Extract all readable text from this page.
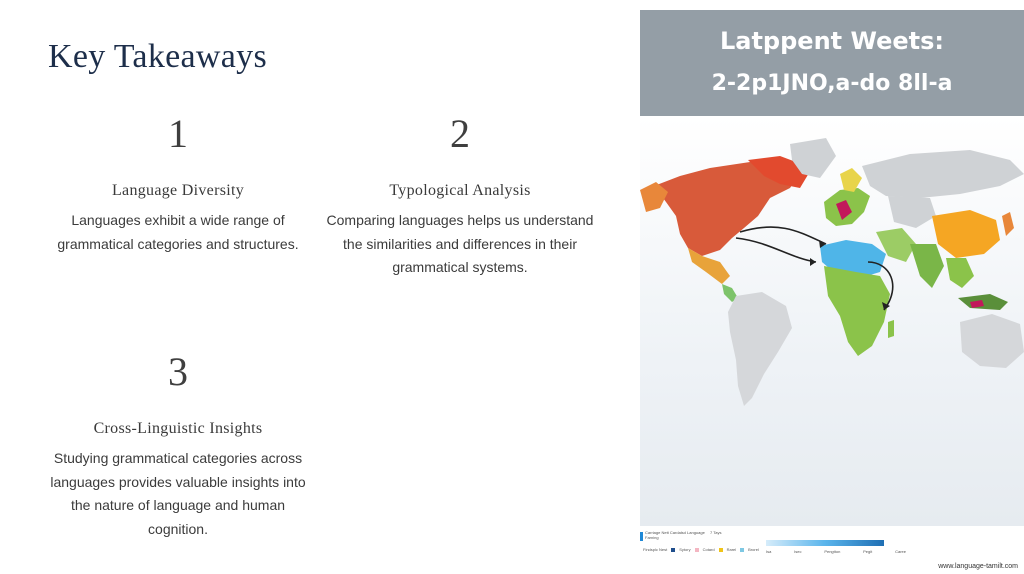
Key Takeaways
1
Language Diversity
Languages exhibit a wide range of grammatical categories and structures.
2
Typological Analysis
Comparing languages helps us understand the similarities and differences in their grammatical systems.
3
Cross-Linguistic Insights
Studying grammatical categories across languages provides valuable insights into the nature of language and human cognition.
Latppent Weets:
2-2p1JNO,a-do 8ll-a
Carriage Nett Cardalsd Language Farning
7 Tays
Findsplc Nest	Sytory	Cotard	Rarel	Brorel Isa	Isec	Pengtton	Pegit	Caree
www.language-tamilt.com
